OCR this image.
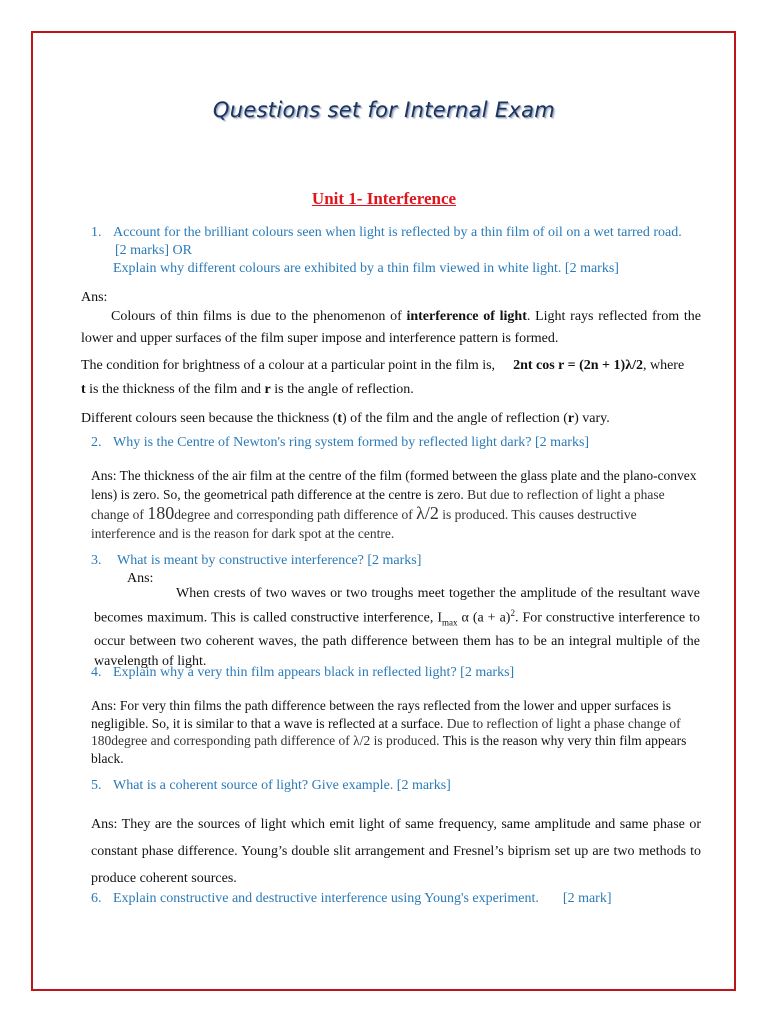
Questions set for Internal Exam
Unit 1- Interference
1. Account for the brilliant colours seen when light is reflected by a thin film of oil on a wet tarred road.
[2 marks] OR
Explain why different colours are exhibited by a thin film viewed in white light. [2 marks]
Ans:
Colours of thin films is due to the phenomenon of interference of light. Light rays reflected from the lower and upper surfaces of the film super impose and interference pattern is formed.
The condition for brightness of a colour at a particular point in the film is, 2nt cos r = (2n + 1)λ/2, where
t is the thickness of the film and r is the angle of reflection.
Different colours seen because the thickness (t) of the film and the angle of reflection (r) vary.
2. Why is the Centre of Newton's ring system formed by reflected light dark? [2 marks]
Ans: The thickness of the air film at the centre of the film (formed between the glass plate and the plano-convex lens) is zero. So, the geometrical path difference at the centre is zero. But due to reflection of light a phase change of 180degree and corresponding path difference of λ/2 is produced. This causes destructive interference and is the reason for dark spot at the centre.
3. What is meant by constructive interference? [2 marks]
Ans:
When crests of two waves or two troughs meet together the amplitude of the resultant wave becomes maximum. This is called constructive interference, $I_{max}$ α $(a + a)^2$. For constructive interference to occur between two coherent waves, the path difference between them has to be an integral multiple of the wavelength of light.
4. Explain why a very thin film appears black in reflected light? [2 marks]
Ans: For very thin films the path difference between the rays reflected from the lower and upper surfaces is negligible. So, it is similar to that a wave is reflected at a surface. Due to reflection of light a phase change of 180degree and corresponding path difference of λ/2 is produced. This is the reason why very thin film appears black.
5. What is a coherent source of light? Give example. [2 marks]
Ans: They are the sources of light which emit light of same frequency, same amplitude and same phase or constant phase difference. Young’s double slit arrangement and Fresnel’s biprism set up are two methods to produce coherent sources.
6. Explain constructive and destructive interference using Young's experiment. [2 mark]
